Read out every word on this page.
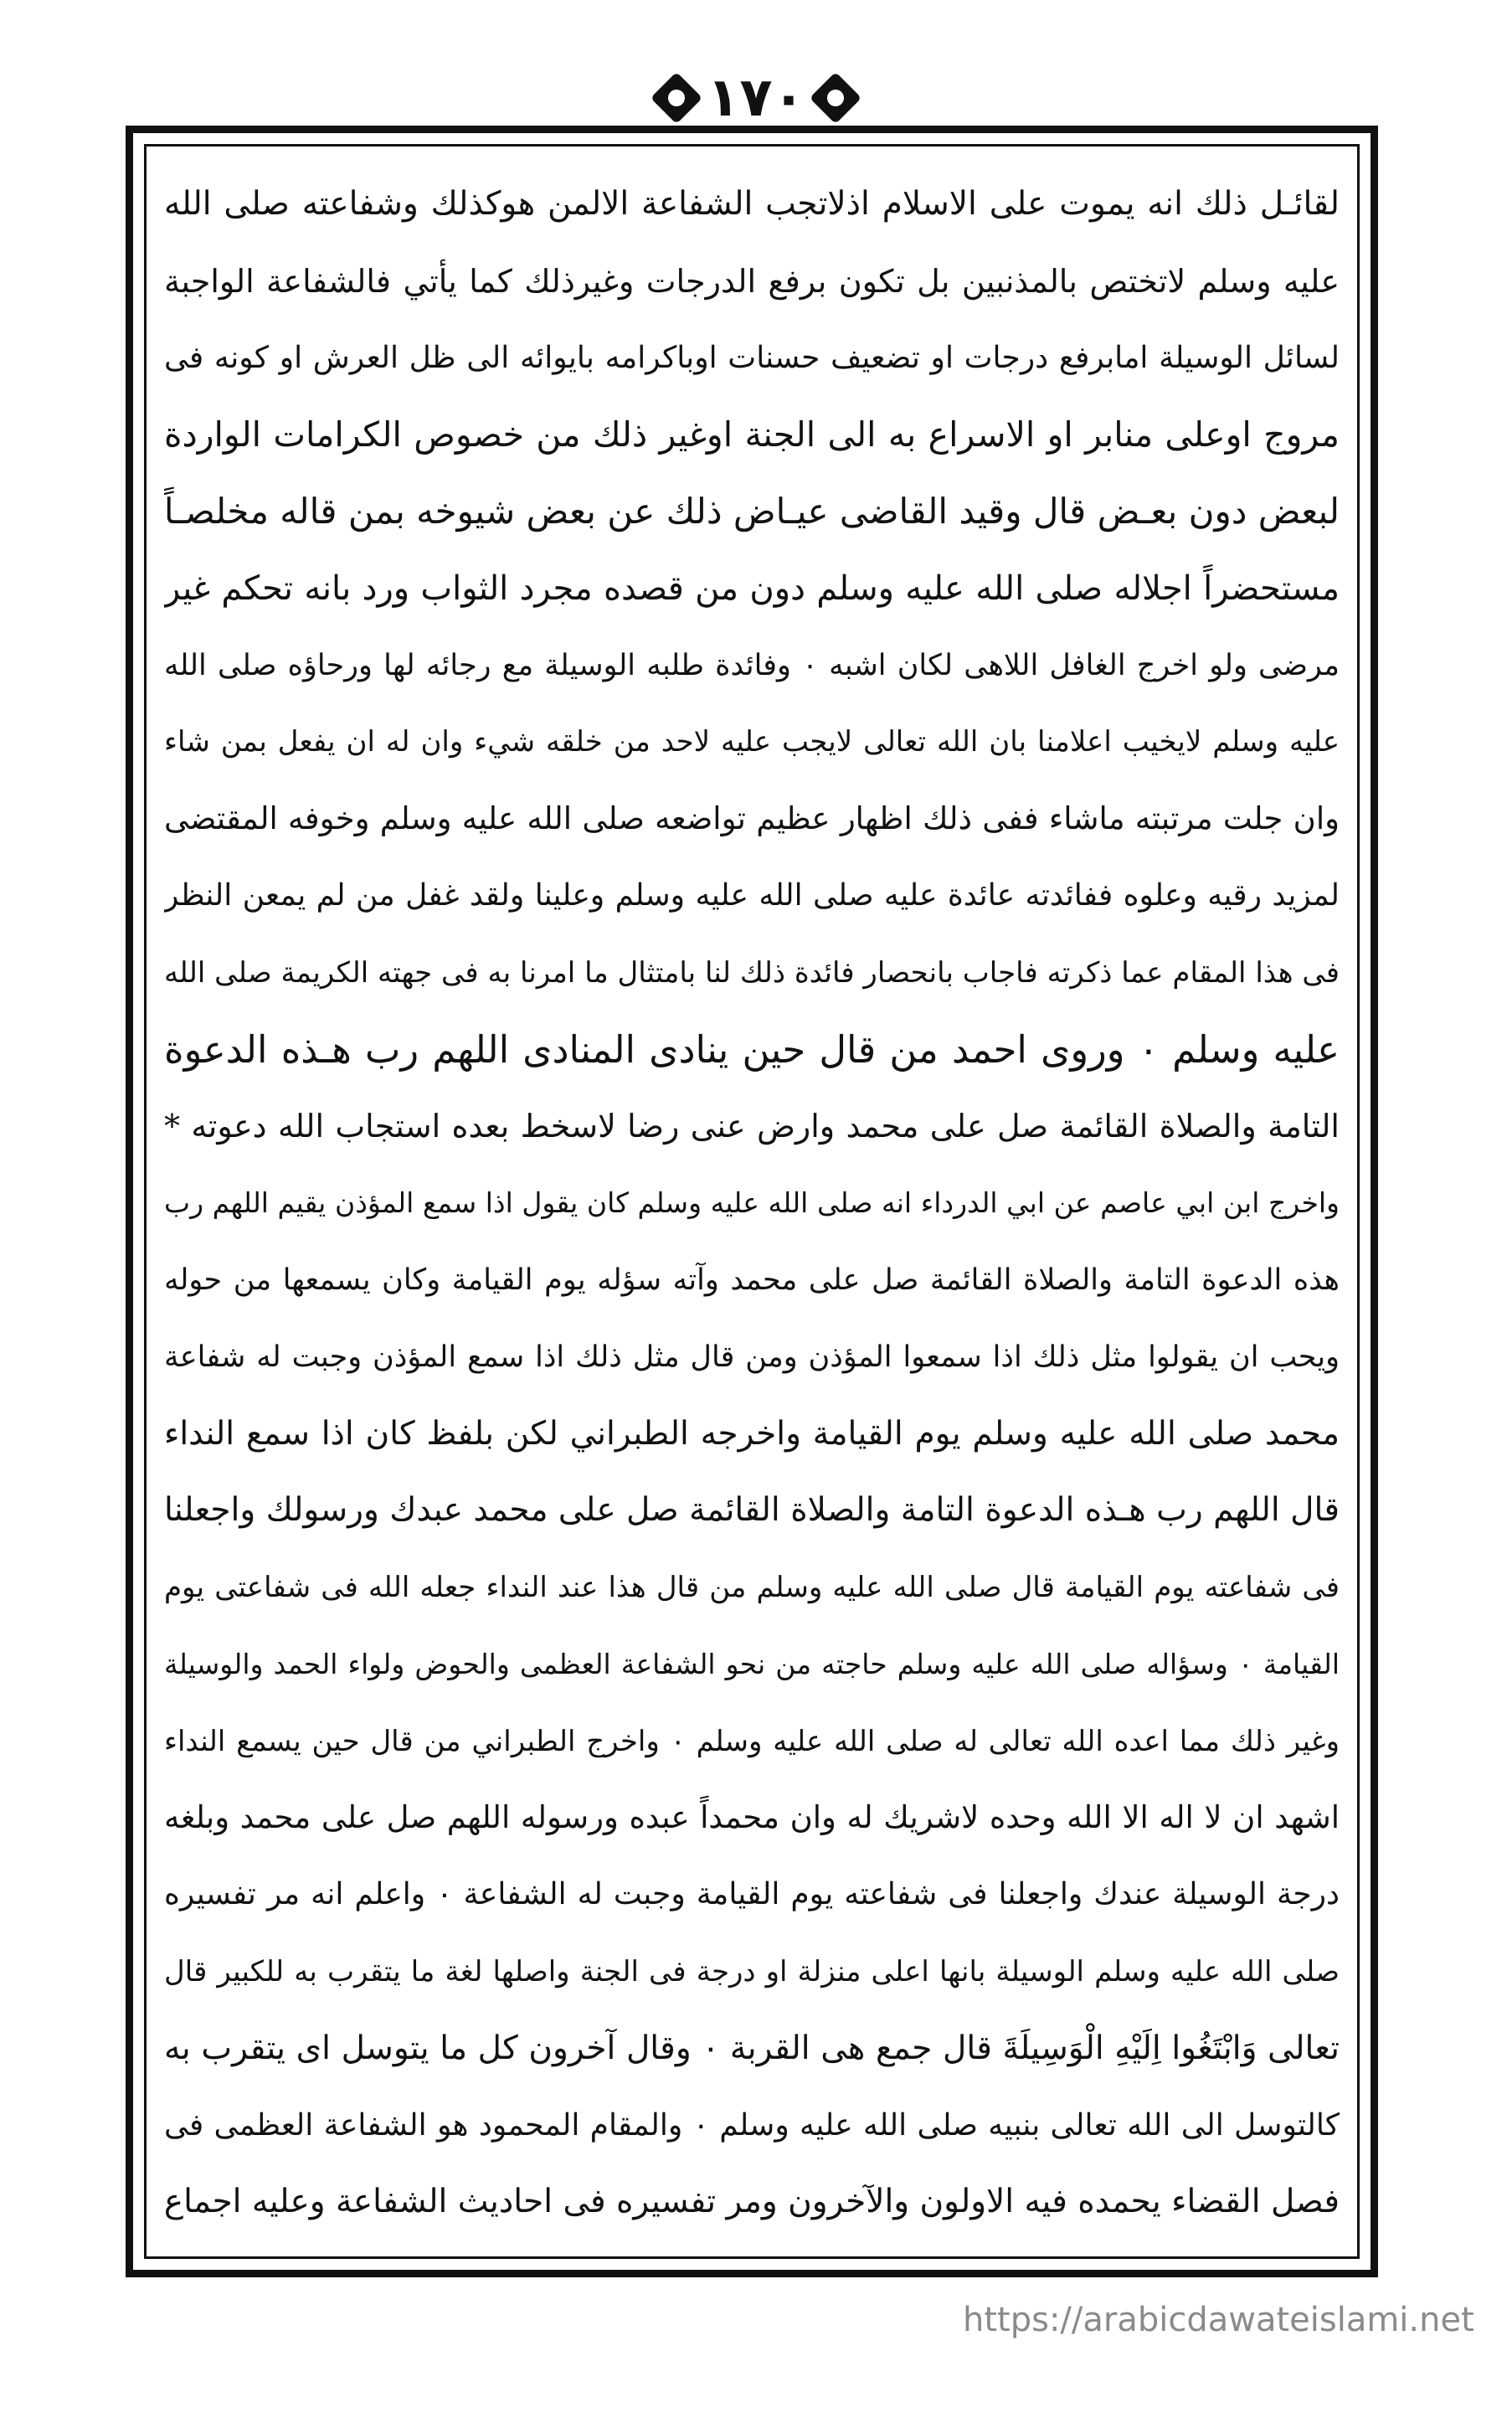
١٧٠
لقائـل ذلك انه يموت على الاسلام اذلاتجب الشفاعة الالمن هوكذلك وشفاعته صلى الله
عليه وسلم لاتختص بالمذنبين بل تكون برفع الدرجات وغيرذلك كما يأتي فالشفاعة الواجبة
لسائل الوسيلة امابرفع درجات او تضعيف حسنات اوباكرامه بايوائه الى ظل العرش او كونه فى
مروج اوعلى منابر او الاسراع به الى الجنة اوغير ذلك من خصوص الكرامات الواردة
لبعض دون بعـض قال وقيد القاضى عيـاض ذلك عن بعض شيوخه بمن قاله مخلصـاً
مستحضراً اجلاله صلى الله عليه وسلم دون من قصده مجرد الثواب ورد بانه تحكم غير
مرضى ولو اخرج الغافل اللاهى لكان اشبه ۰ وفائدة طلبه الوسيلة مع رجائه لها ورحاؤه صلى الله
عليه وسلم لايخيب اعلامنا بان الله تعالى لايجب عليه لاحد من خلقه شيء وان له ان يفعل بمن شاء
وان جلت مرتبته ماشاء ففى ذلك اظهار عظيم تواضعه صلى الله عليه وسلم وخوفه المقتضى
لمزيد رقيه وعلوه ففائدته عائدة عليه صلى الله عليه وسلم وعلينا ولقد غفل من لم يمعن النظر
فى هذا المقام عما ذكرته فاجاب بانحصار فائدة ذلك لنا بامتثال ما امرنا به فى جهته الكريمة صلى الله
عليه وسلم ۰ وروى احمد من قال حين ينادى المنادى اللهم رب هـذه الدعوة
التامة والصلاة القائمة صل على محمد وارض عنى رضا لاسخط بعده استجاب الله دعوته *
واخرج ابن ابي عاصم عن ابي الدرداء انه صلى الله عليه وسلم كان يقول اذا سمع المؤذن يقيم اللهم رب
هذه الدعوة التامة والصلاة القائمة صل على محمد وآته سؤله يوم القيامة وكان يسمعها من حوله
ويحب ان يقولوا مثل ذلك اذا سمعوا المؤذن ومن قال مثل ذلك اذا سمع المؤذن وجبت له شفاعة
محمد صلى الله عليه وسلم يوم القيامة واخرجه الطبراني لكن بلفظ كان اذا سمع النداء
قال اللهم رب هـذه الدعوة التامة والصلاة القائمة صل على محمد عبدك ورسولك واجعلنا
فى شفاعته يوم القيامة قال صلى الله عليه وسلم من قال هذا عند النداء جعله الله فى شفاعتى يوم
القيامة ۰ وسؤاله صلى الله عليه وسلم حاجته من نحو الشفاعة العظمى والحوض ولواء الحمد والوسيلة
وغير ذلك مما اعده الله تعالى له صلى الله عليه وسلم ۰ واخرج الطبراني من قال حين يسمع النداء
اشهد ان لا اله الا الله وحده لاشريك له وان محمداً عبده ورسوله اللهم صل على محمد وبلغه
درجة الوسيلة عندك واجعلنا فى شفاعته يوم القيامة وجبت له الشفاعة ۰ واعلم انه مر تفسيره
صلى الله عليه وسلم الوسيلة بانها اعلى منزلة او درجة فى الجنة واصلها لغة ما يتقرب به للكبير قال
تعالى وَابْتَغُوا اِلَيْهِ الْوَسِيلَةَ قال جمع هى القربة ۰ وقال آخرون كل ما يتوسل اى يتقرب به
كالتوسل الى الله تعالى بنبيه صلى الله عليه وسلم ۰ والمقام المحمود هو الشفاعة العظمى فى
فصل القضاء يحمده فيه الاولون والآخرون ومر تفسيره فى احاديث الشفاعة وعليه اجماع
https://arabicdawateislami.net
